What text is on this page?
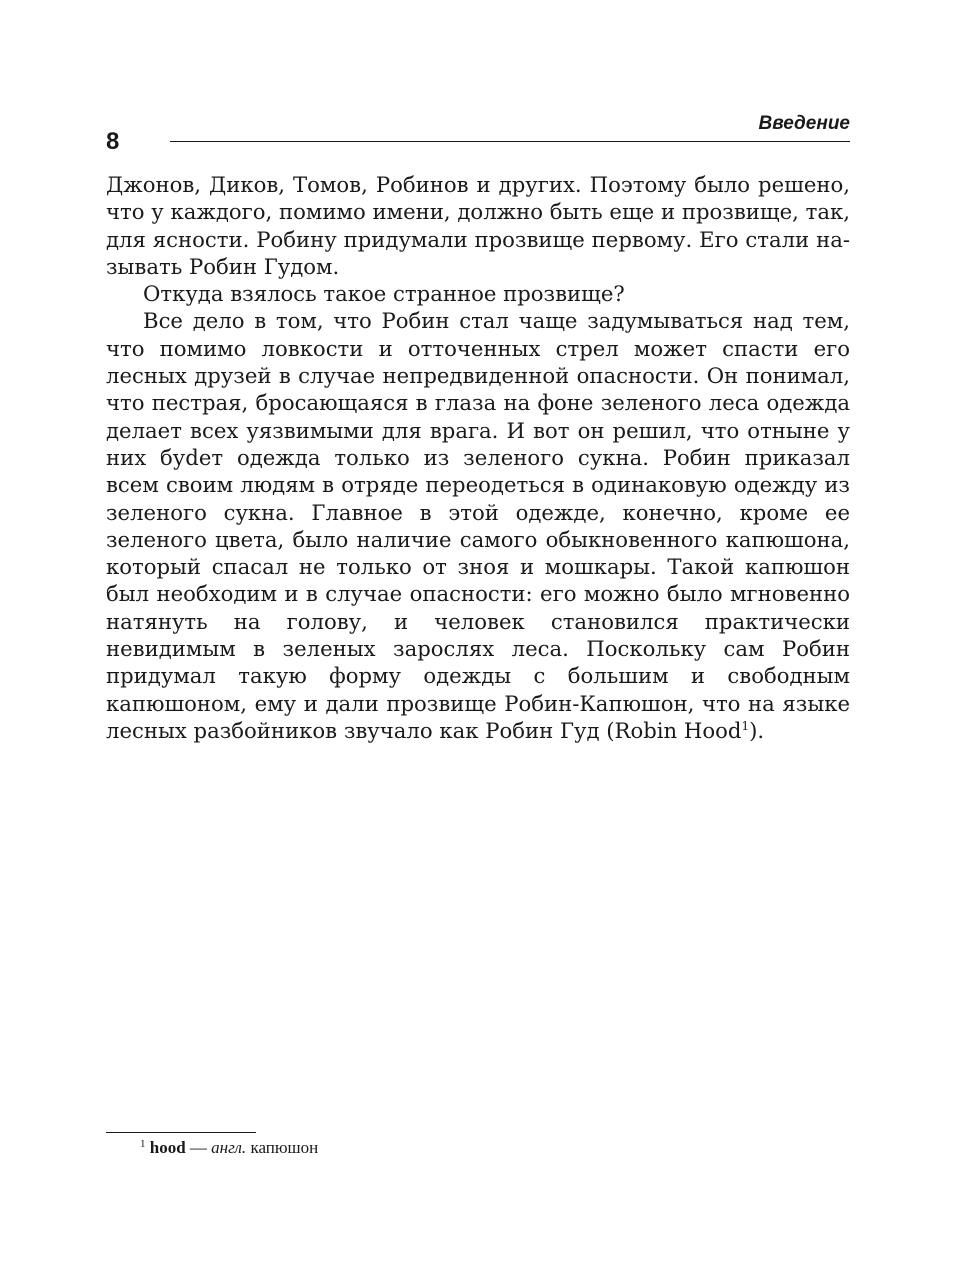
8
Введение

Джонов, Диков, Томов, Робинов и других. Поэтому было решено, что у каждого, помимо имени, должно быть еще и прозвище, так, для ясности. Робину придумали прозвище первому. Его стали называть Робин Гудом.

Откуда взялось такое странное прозвище?

Все дело в том, что Робин стал чаще задумываться над тем, что помимо ловкости и отточенных стрел может спасти его лесных друзей в случае непредвиденной опасности. Он понимал, что пестрая, бросающаяся в глаза на фоне зеленого леса одежда делает всех уязвимыми для врага. И вот он решил, что отныне у них буdет одежда только из зеленого сукна. Робин приказал всем своим людям в отряде переодеться в одинаковую одежду из зеленого сукна. Главное в этой одежде, конечно, кроме ее зеленого цвета, было наличие самого обыкновенного капюшона, который спасал не только от зноя и мошкары. Такой капюшон был необходим и в случае опасности: его можно было мгновенно натянуть на голову, и человек становился практически невидимым в зеленых зарослях леса. Поскольку сам Робин придумал такую форму одежды с большим и свободным капюшоном, ему и дали прозвище Робин-Капюшон, что на языке лесных разбойников звучало как Робин Гуд (Robin Hood$^1$).

$^1$ hood — англ. капюшон
